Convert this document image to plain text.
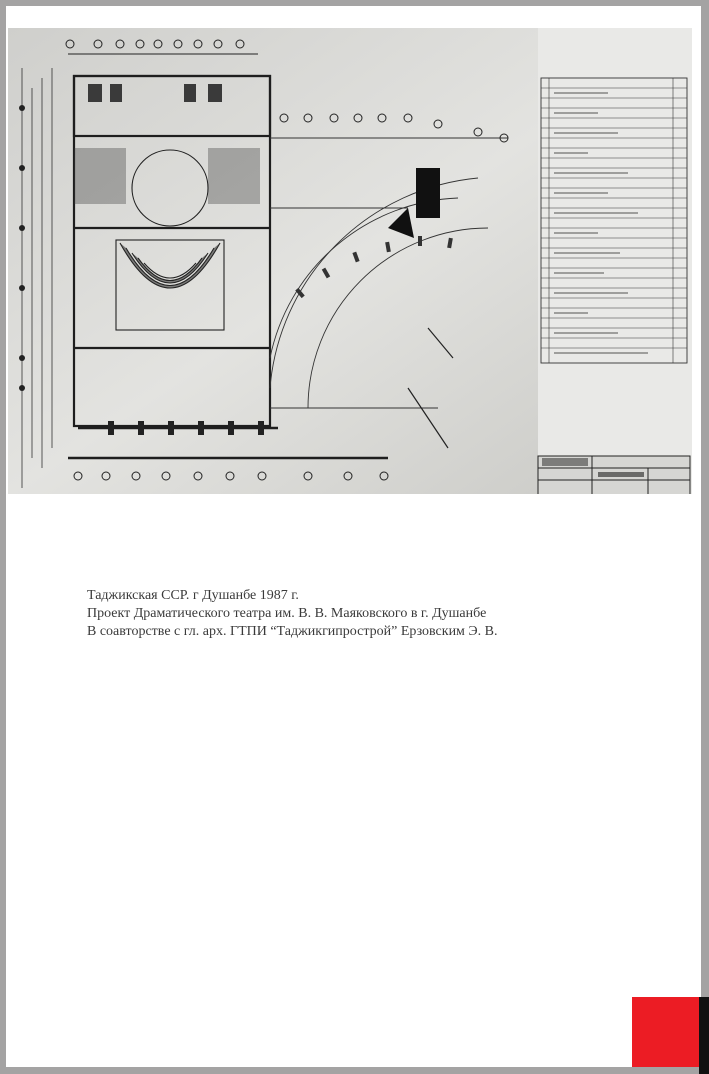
Таджикская ССР. г Душанбе 1987 г.
Проект Драматического театра им. В. В. Маяковского в г. Душанбе
В соавторстве с гл. арх. ГТПИ “Таджикгипрострой” Ерзовским Э. В.
